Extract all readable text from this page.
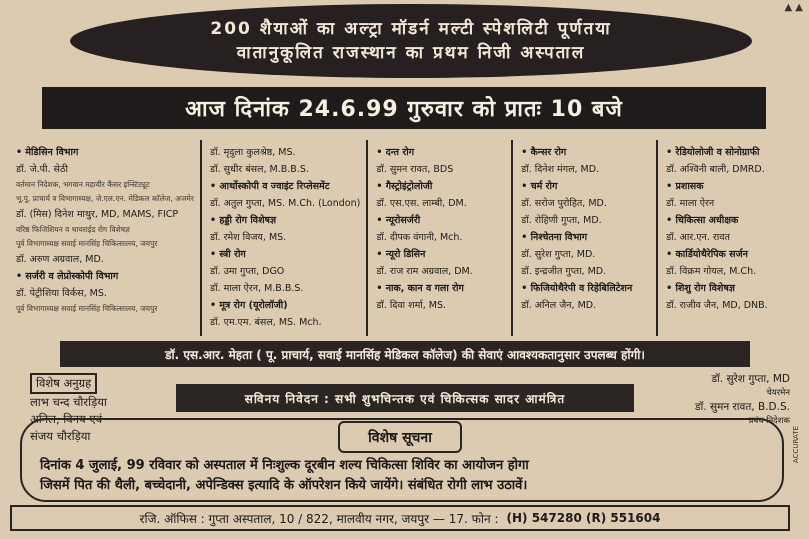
▲ ▲
200 शैयाओं का अल्ट्रा मॉडर्न मल्टी स्पेशलिटी पूर्णतया
वातानुकूलित राजस्थान का प्रथम निजी अस्पताल
आज दिनांक 24.6.99 गुरुवार को प्रातः 10 बजे
• मेडिसिन विभाग
डॉ. जे.पी. सेठी
वर्तमान निदेशक, भगवान महावीर कैंसर इन्स्टिट्यूट
भू.पू. प्राचार्य व विभागाध्यक्ष, जे.एल.एन. मेडिकल कॉलेज, अजमेर
डॉ. (मिस) दिनेश माथुर, MD, MAMS, FICP
वरिष्ठ फिजिशियन व थायराईड रोग विशेषज्ञ
पूर्व विभागाध्यक्ष सवाई मानसिंह चिकित्सालय, जयपुर
डॉ. अरुण अग्रवाल, MD.
• सर्जरी व लेप्रोस्कोपी विभाग
डॉ. पेट्रीशिया विर्कस, MS.
पूर्व विभागाध्यक्ष सवाई मानसिंह चिकित्सालय, जयपुर
डॉ. मृदुला कुलश्रेष्ठ, MS.
डॉ. सुधीर बंसल, M.B.B.S.
• आर्थोस्कोपी व ज्वाइंट रिप्लेसमेंट
डॉ. अतुल गुप्ता, MS. M.Ch. (London)
• हड्डी रोग विशेषज्ञ
डॉ. रमेश विजय, MS.
• स्त्री रोग
डॉ. उमा गुप्ता, DGO
डॉ. माला ऐरन, M.B.B.S.
• मूत्र रोग (यूरोलॉजी)
डॉ. एम.एम. बंसल, MS. Mch.
• दन्त रोग
डॉ. सुमन रावत, BDS
• गैस्ट्रोइंट्रोलोजी
डॉ. एस.एस. लाम्बी, DM.
• न्यूरोसर्जरी
डॉ. दीपक वंगानी, Mch.
• न्यूरो डिसिन
डॉ. राज राम अग्रवाल, DM.
• नाक, कान व गला रोग
डॉ. दिवा शर्मा, MS.
• कैन्सर रोग
डॉ. दिनेश मंगल, MD.
• चर्म रोग
डॉ. सरोज पुरोहित, MD.
डॉ. रोहिणी गुप्ता, MD.
• निश्चेतना विभाग
डॉ. सुरेश गुप्ता, MD.
डॉ. इन्द्रजीत गुप्ता, MD.
• फिजियोथैरेपी व रिहेबिलिटेशन
डॉ. अनिल जैन, MD.
• रेडियोलोजी व सोनोग्राफी
डॉ. अश्विनी बाली, DMRD.
• प्रशासक
डॉ. माला ऐरन
• चिकित्सा अधीक्षक
डॉ. आर.एन. रावत
• कार्डियोथैरेपिक सर्जन
डॉ. विक्रम गोयल, M.Ch.
• शिशु रोग विशेषज्ञ
डॉ. राजीव जैन, MD, DNB.
डॉ. एस.आर. मेहता ( पू. प्राचार्य, सवाई मानसिंह मेडिकल कॉलेज) की सेवाएं आवश्यकतानुसार उपलब्ध होंगी।
विशेष अनुग्रह
लाभ चन्द चौरड़िया
अनिल, विनय एवं
संजय चौरड़िया
सविनय निवेदन : सभी शुभचिन्तक एवं चिकित्सक सादर आमंत्रित
डॉ. सुरेश गुप्ता, MD
चेयरमेन
डॉ. सुमन रावत, B.D.S.
प्रबंध निदेशक
विशेष सूचना
दिनांक 4 जुलाई, 99 रविवार को अस्पताल में निःशुल्क दूरबीन शल्य चिकित्सा शिविर का आयोजन होगा
जिसमें पित की थैली, बच्चेदानी, अपेन्डिक्स इत्यादि के ऑपरेशन किये जायेंगे। संबंधित रोगी लाभ उठावें।
ACCURATE
रजि. ऑफिस : गुप्ता अस्पताल, 10 / 822, मालवीय नगर, जयपुर — 17. फोन : (H) 547280 (R) 551604
